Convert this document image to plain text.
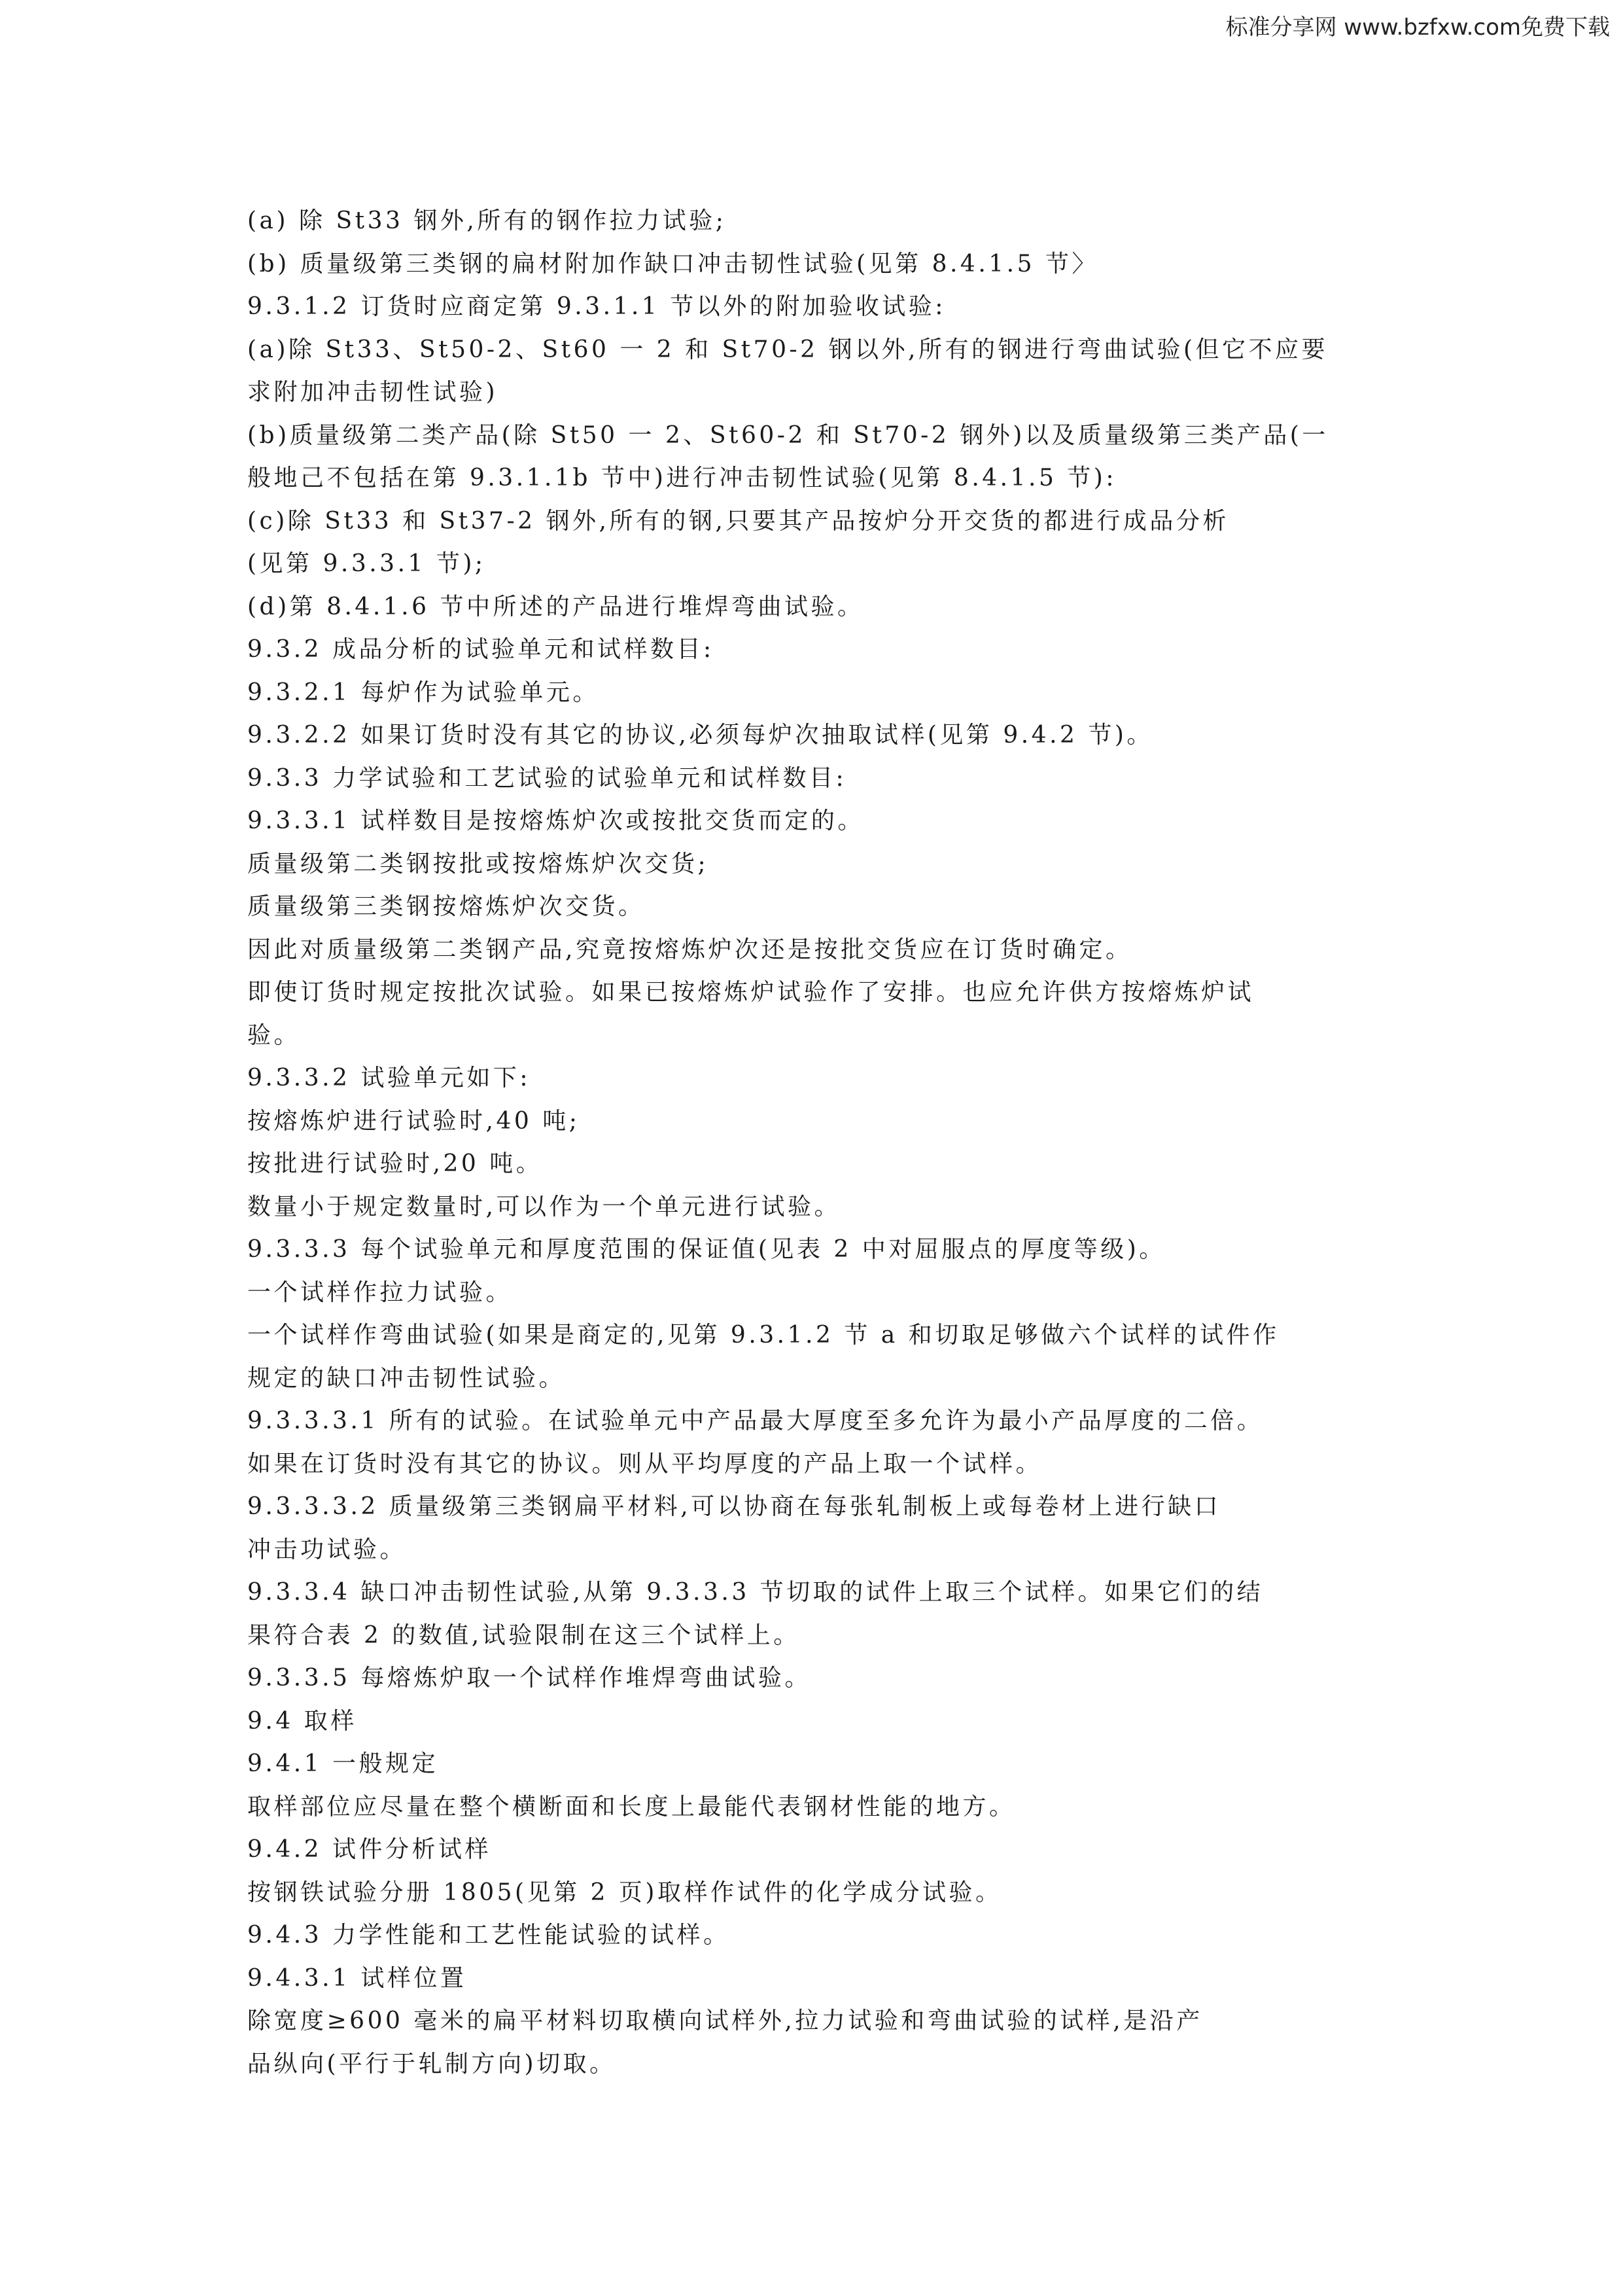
标准分享网 www.bzfxw.com免费下载
(a) 除 St33 钢外,所有的钢作拉力试验;
(b) 质量级第三类钢的扁材附加作缺口冲击韧性试验(见第 8.4.1.5 节〉
9.3.1.2 订货时应商定第 9.3.1.1 节以外的附加验收试验:
(a)除 St33、St50-2、St60 一 2 和 St70-2 钢以外,所有的钢进行弯曲试验(但它不应要
求附加冲击韧性试验)
(b)质量级第二类产品(除 St50 一 2、St60-2 和 St70-2 钢外)以及质量级第三类产品(一
般地己不包括在第 9.3.1.1b 节中)进行冲击韧性试验(见第 8.4.1.5 节):
(c)除 St33 和 St37-2 钢外,所有的钢,只要其产品按炉分开交货的都进行成品分析
(见第 9.3.3.1 节);
(d)第 8.4.1.6 节中所述的产品进行堆焊弯曲试验。
9.3.2 成品分析的试验单元和试样数目:
9.3.2.1 每炉作为试验单元。
9.3.2.2 如果订货时没有其它的协议,必须每炉次抽取试样(见第 9.4.2 节)。
9.3.3 力学试验和工艺试验的试验单元和试样数目:
9.3.3.1 试样数目是按熔炼炉次或按批交货而定的。
质量级第二类钢按批或按熔炼炉次交货;
质量级第三类钢按熔炼炉次交货。
因此对质量级第二类钢产品,究竟按熔炼炉次还是按批交货应在订货时确定。
即使订货时规定按批次试验。如果已按熔炼炉试验作了安排。也应允许供方按熔炼炉试
验。
9.3.3.2 试验单元如下:
按熔炼炉进行试验时,40 吨;
按批进行试验时,20 吨。
数量小于规定数量时,可以作为一个单元进行试验。
9.3.3.3 每个试验单元和厚度范围的保证值(见表 2 中对屈服点的厚度等级)。
一个试样作拉力试验。
一个试样作弯曲试验(如果是商定的,见第 9.3.1.2 节 a 和切取足够做六个试样的试件作
规定的缺口冲击韧性试验。
9.3.3.3.1 所有的试验。在试验单元中产品最大厚度至多允许为最小产品厚度的二倍。
如果在订货时没有其它的协议。则从平均厚度的产品上取一个试样。
9.3.3.3.2 质量级第三类钢扁平材料,可以协商在每张轧制板上或每卷材上进行缺口
冲击功试验。
9.3.3.4 缺口冲击韧性试验,从第 9.3.3.3 节切取的试件上取三个试样。如果它们的结
果符合表 2 的数值,试验限制在这三个试样上。
9.3.3.5 每熔炼炉取一个试样作堆焊弯曲试验。
9.4 取样
9.4.1 一般规定
取样部位应尽量在整个横断面和长度上最能代表钢材性能的地方。
9.4.2 试件分析试样
按钢铁试验分册 1805(见第 2 页)取样作试件的化学成分试验。
9.4.3 力学性能和工艺性能试验的试样。
9.4.3.1 试样位置
除宽度≥600 毫米的扁平材料切取横向试样外,拉力试验和弯曲试验的试样,是沿产
品纵向(平行于轧制方向)切取。
